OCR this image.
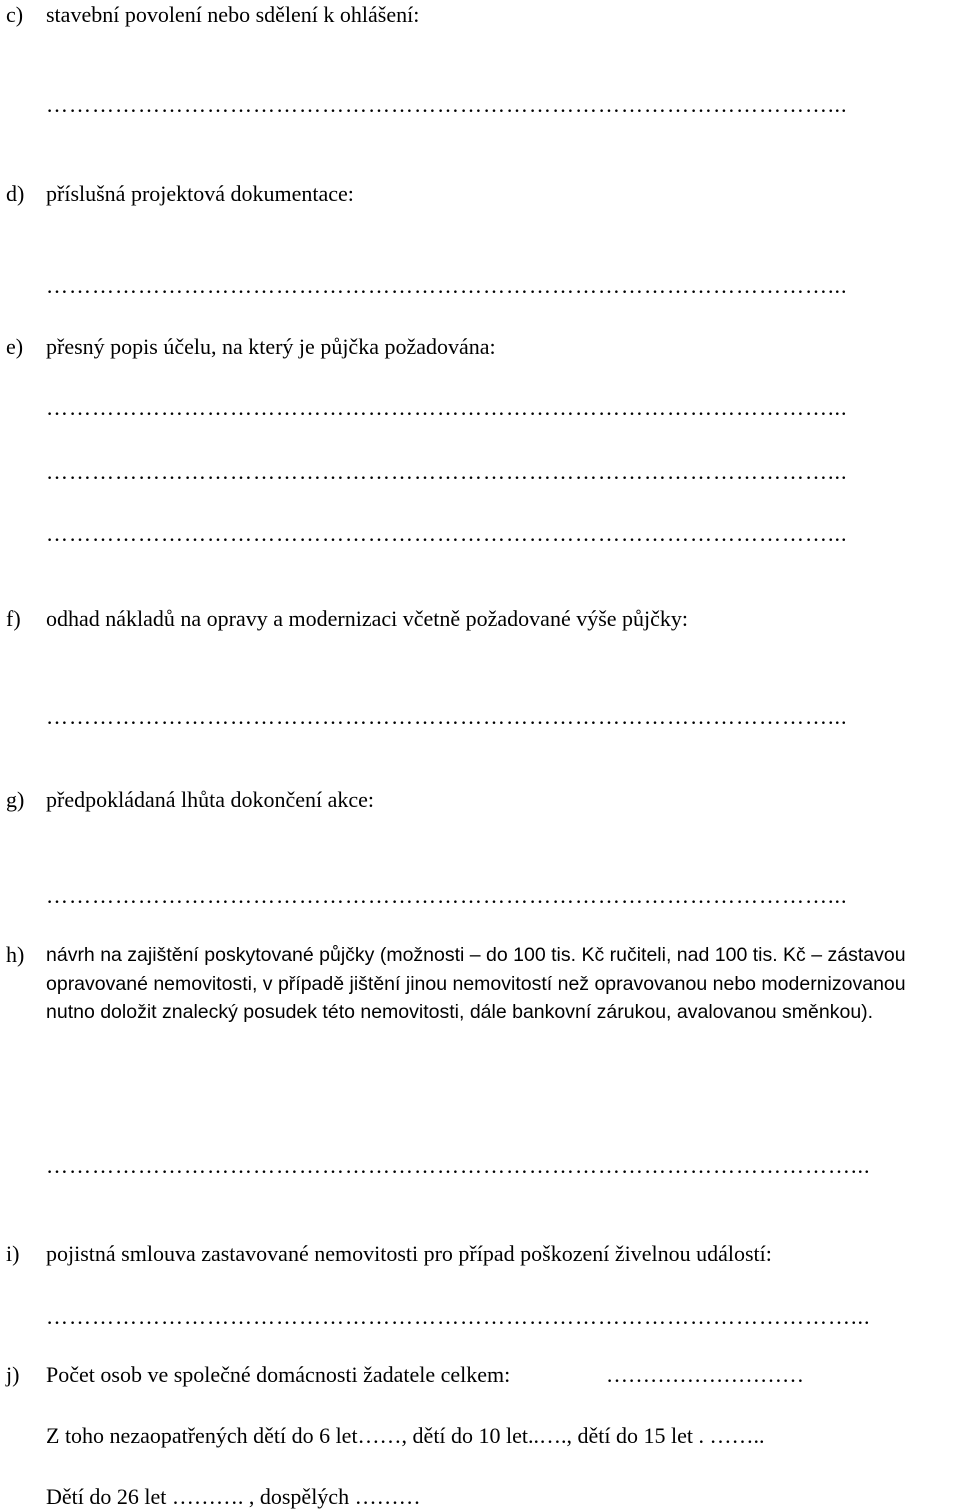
c) stavební povolení nebo sdělení k ohlášení:
…………………………………………………………………………………………...
d) příslušná projektová dokumentace:
…………………………………………………………………………………………...
e) přesný popis účelu, na který je půjčka požadována:
…………………………………………………………………………………………...
…………………………………………………………………………………………...
…………………………………………………………………………………………...
f) odhad nákladů na opravy a modernizaci včetně požadované výše půjčky:
…………………………………………………………………………………………...
g) předpokládaná lhůta dokončení akce:
…………………………………………………………………………………………...
h) návrh na zajištění poskytované půjčky (možnosti – do 100 tis. Kč ručiteli, nad 100 tis. Kč – zástavou opravované nemovitosti, v případě jištění jinou nemovitostí než opravovanou nebo modernizovanou nutno doložit znalecký posudek této nemovitosti, dále bankovní zárukou, avalovanou směnkou).
……………………………………………………………………………………………...
i) pojistná smlouva zastavované nemovitosti pro případ poškození živelnou událostí:
……………………………………………………………………………………………...
j) Počet osob ve společné domácnosti žadatele celkem:	………………………
Z toho nezaopatřených dětí do 6 let……, dětí do 10 let..…., dětí do 15 let . ……..
Dětí do 26 let ………. , dospělých ………
